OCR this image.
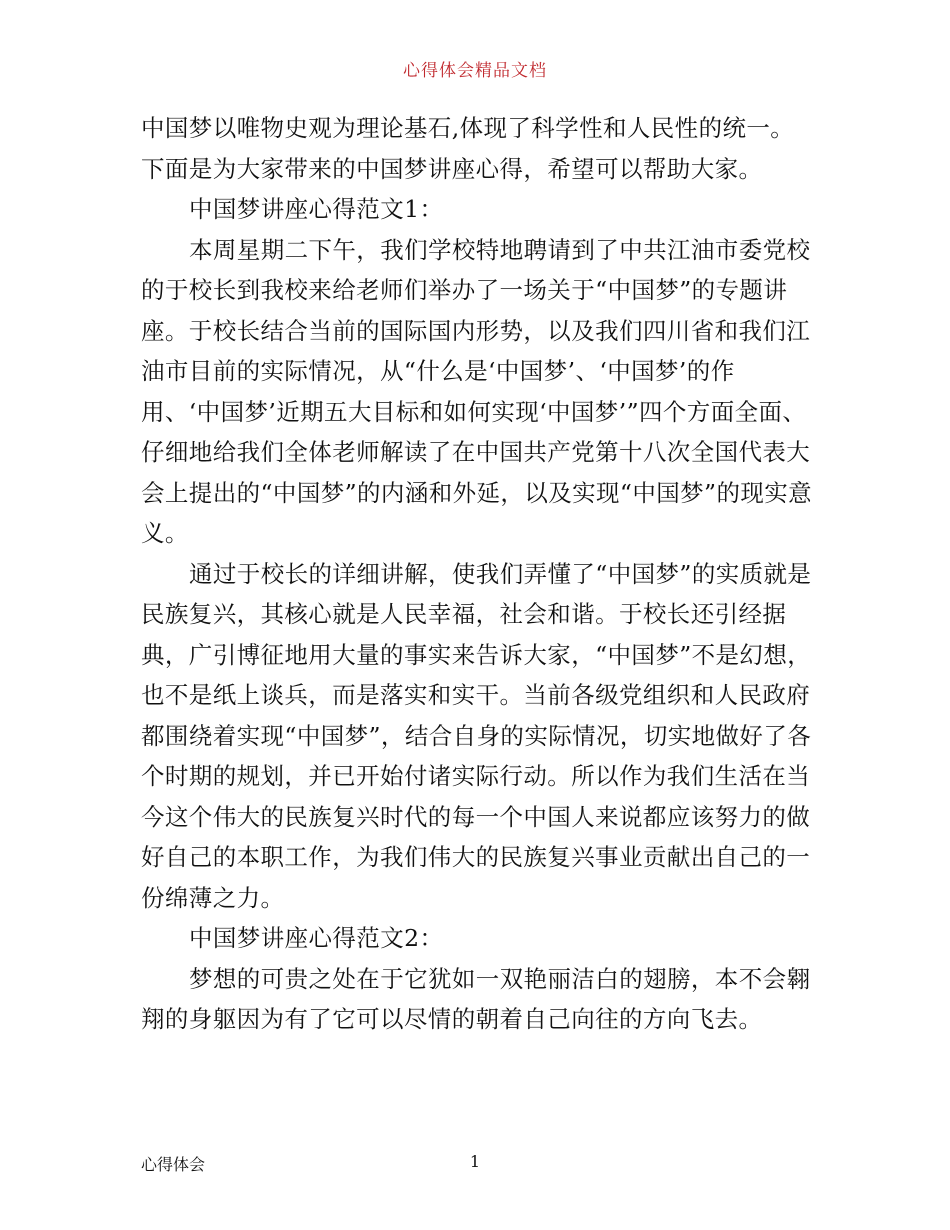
心得体会精品文档

中国梦以唯物史观为理论基石,体现了科学性和人民性的统一。下面是为大家带来的中国梦讲座心得，希望可以帮助大家。

中国梦讲座心得范文1：

本周星期二下午，我们学校特地聘请到了中共江油市委党校的于校长到我校来给老师们举办了一场关于“中国梦”的专题讲座。于校长结合当前的国际国内形势，以及我们四川省和我们江油市目前的实际情况，从“什么是‘中国梦’、‘中国梦’的作用、‘中国梦’近期五大目标和如何实现‘中国梦’”四个方面全面、仔细地给我们全体老师解读了在中国共产党第十八次全国代表大会上提出的“中国梦”的内涵和外延，以及实现“中国梦”的现实意义。

通过于校长的详细讲解，使我们弄懂了“中国梦”的实质就是民族复兴，其核心就是人民幸福，社会和谐。于校长还引经据典，广引博征地用大量的事实来告诉大家，“中国梦”不是幻想，也不是纸上谈兵，而是落实和实干。当前各级党组织和人民政府都围绕着实现“中国梦”，结合自身的实际情况，切实地做好了各个时期的规划，并已开始付诸实际行动。所以作为我们生活在当今这个伟大的民族复兴时代的每一个中国人来说都应该努力的做好自己的本职工作，为我们伟大的民族复兴事业贡献出自己的一份绵薄之力。

中国梦讲座心得范文2：

梦想的可贵之处在于它犹如一双艳丽洁白的翅膀，本不会翱翔的身躯因为有了它可以尽情的朝着自己向往的方向飞去。

心得体会	1
